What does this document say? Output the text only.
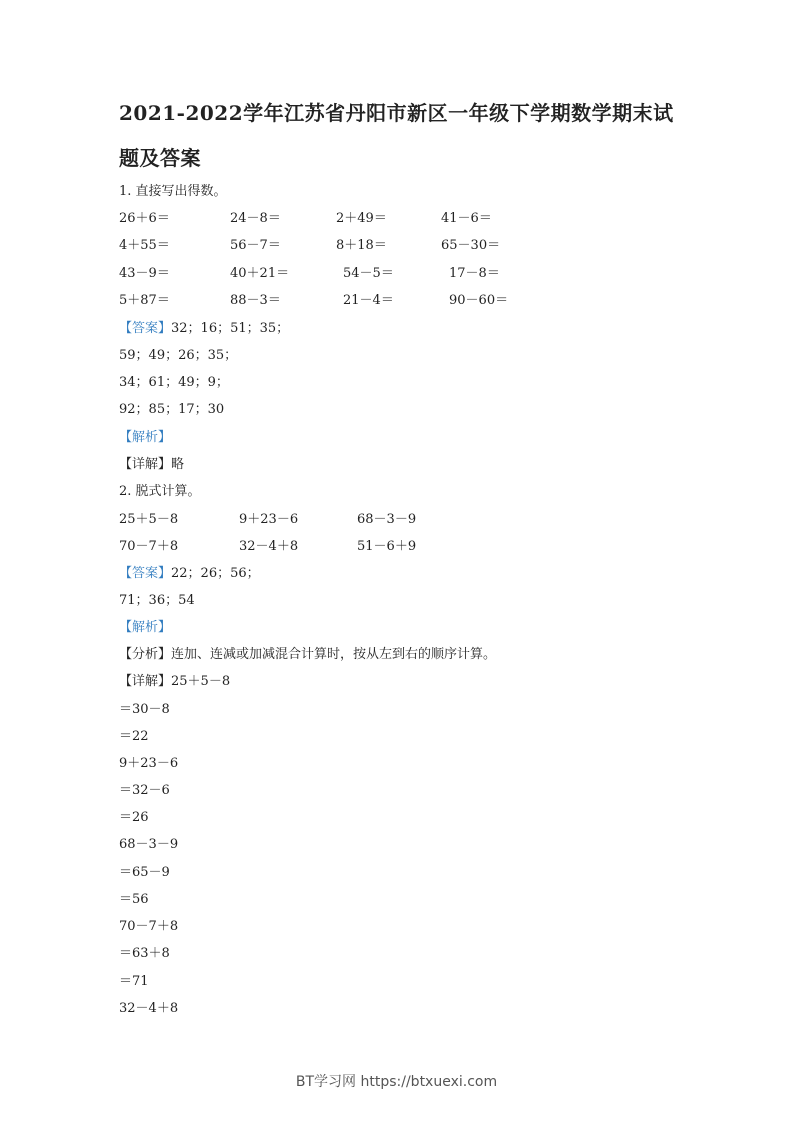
2021-2022学年江苏省丹阳市新区一年级下学期数学期末试
题及答案
1. 直接写出得数。
26＋6＝	24－8＝	2＋49＝	41－6＝
4＋55＝	56－7＝	8＋18＝	65－30＝
43－9＝	40＋21＝	54－5＝	17－8＝
5＋87＝	88－3＝	21－4＝	90－60＝
【答案】32；16；51；35；
59；49；26；35；
34；61；49；9；
92；85；17；30
【解析】
【详解】略
2. 脱式计算。
25＋5－8	9＋23－6	68－3－9
70－7＋8	32－4＋8	51－6＋9
【答案】22；26；56；
71；36；54
【解析】
【分析】连加、连减或加减混合计算时，按从左到右的顺序计算。
【详解】25＋5－8
＝30－8
＝22
9＋23－6
＝32－6
＝26
68－3－9
＝65－9
＝56
70－7＋8
＝63＋8
＝71
32－4＋8
BT学习网 https://btxuexi.com
